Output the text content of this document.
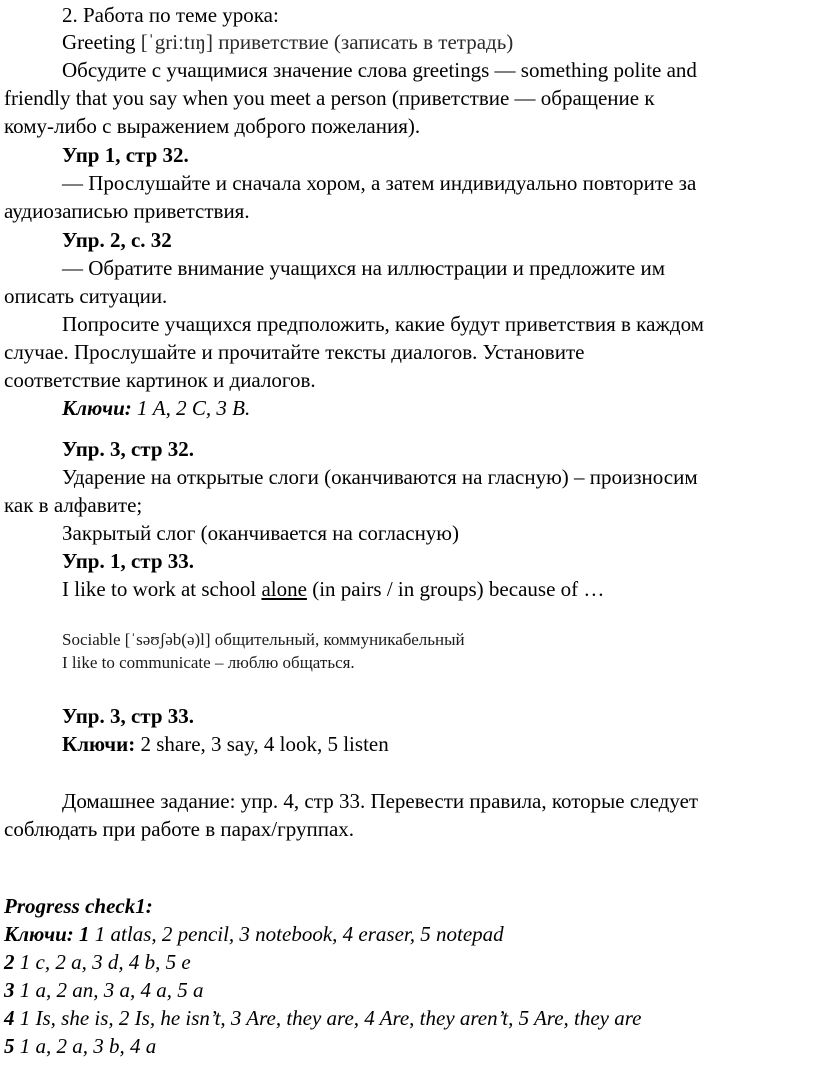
2. Работа по теме урока:
Greeting [ˈgriːtɪŋ] приветствие (записать в тетрадь)
Обсудите с учащимися значение слова greetings — something polite and
friendly that you say when you meet a person (приветствие — обращение к
кому-либо с выражением доброго пожелания).
Упр 1, стр 32.
— Прослушайте и сначала хором, а затем индивидуально повторите за
аудиозаписью приветствия.
Упр. 2, с. 32
— Обратите внимание учащихся на иллюстрации и предложите им
описать ситуации.
Попросите учащихся предположить, какие будут приветствия в каждом
случае. Прослушайте и прочитайте тексты диалогов. Установите
соответствие картинок и диалогов.
Ключи: 1 A, 2 C, 3 B.
Упр. 3, стр 32.
Ударение на открытые слоги (оканчиваются на гласную) – произносим
как в алфавите;
Закрытый слог (оканчивается на согласную)
Упр. 1, стр 33.
I like to work at school alone (in pairs / in groups) because of …
Sociable [ˈsəʊʃəb(ə)l] общительный, коммуникабельный
I like to communicate – люблю общаться.
Упр. 3, стр 33.
Ключи: 2 share, 3 say, 4 look, 5 listen
Домашнее задание: упр. 4, стр 33. Перевести правила, которые следует
соблюдать при работе в парах/группах.
Progress check1:
Ключи: 1 1 atlas, 2 pencil, 3 notebook, 4 eraser, 5 notepad
2 1 c, 2 a, 3 d, 4 b, 5 e
3 1 a, 2 an, 3 a, 4 a, 5 a
4 1 Is, she is, 2 Is, he isn’t, 3 Are, they are, 4 Are, they aren’t, 5 Are, they are
5 1 a, 2 a, 3 b, 4 a
